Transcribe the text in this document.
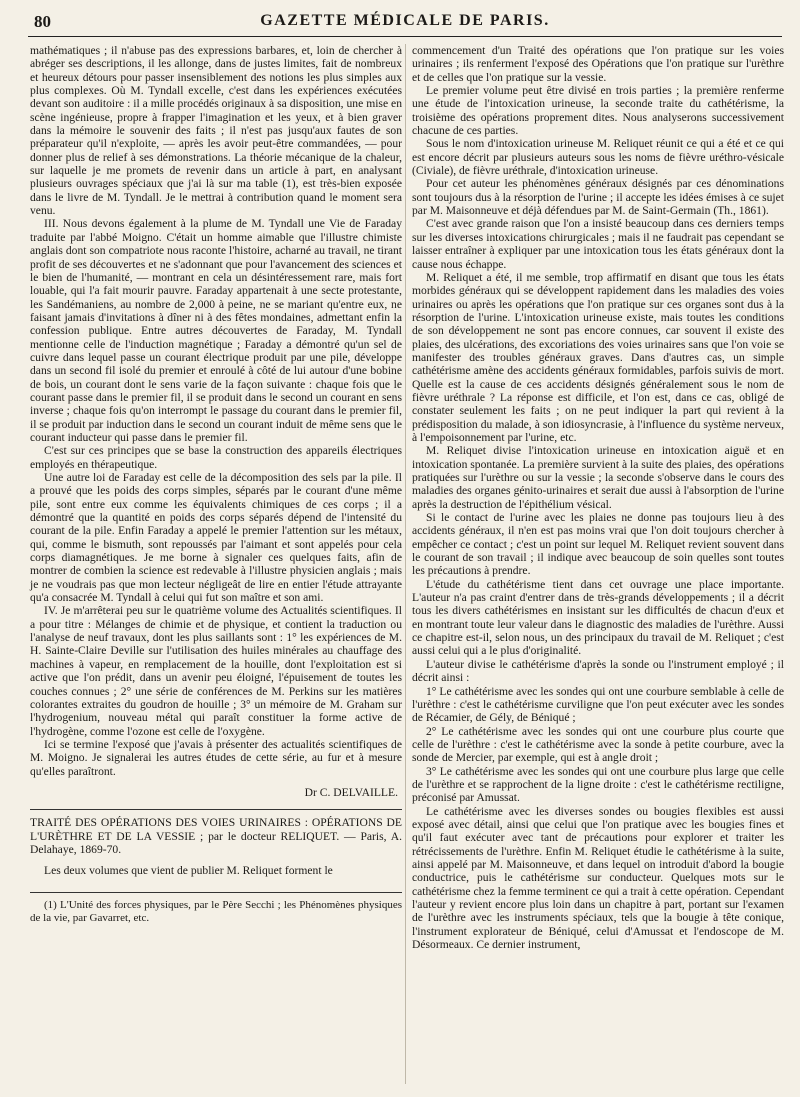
80	GAZETTE MÉDICALE DE PARIS.

mathématiques ; il n'abuse pas des expressions barbares, et, loin de chercher à abréger ses descriptions, il les allonge, dans de justes limites, fait de nombreux et heureux détours pour passer insensiblement des notions les plus simples aux plus complexes. Où M. Tyndall excelle, c'est dans les expériences exécutées devant son auditoire : il a mille procédés originaux à sa disposition, une mise en scène ingénieuse, propre à frapper l'imagination et les yeux, et à bien graver dans la mémoire le souvenir des faits ; il n'est pas jusqu'aux fautes de son préparateur qu'il n'exploite, — après les avoir peut-être commandées, — pour donner plus de relief à ses démonstrations. La théorie mécanique de la chaleur, sur laquelle je me promets de revenir dans un article à part, en analysant plusieurs ouvrages spéciaux que j'ai là sur ma table (1), est très-bien exposée dans le livre de M. Tyndall. Je le mettrai à contribution quand le moment sera venu.

III. Nous devons également à la plume de M. Tyndall une Vie de Faraday traduite par l'abbé Moigno. C'était un homme aimable que l'illustre chimiste anglais dont son compatriote nous raconte l'histoire, acharné au travail, ne tirant profit de ses découvertes et ne s'adonnant que pour l'avancement des sciences et le bien de l'humanité, — montrant en cela un désintéressement rare, mais fort louable, qui l'a fait mourir pauvre. Faraday appartenait à une secte protestante, les Sandémaniens, au nombre de 2,000 à peine, ne se mariant qu'entre eux, ne faisant jamais d'invitations à dîner ni à des fêtes mondaines, admettant enfin la confession publique. Entre autres découvertes de Faraday, M. Tyndall mentionne celle de l'induction magnétique ; Faraday a démontré qu'un sel de cuivre dans lequel passe un courant électrique produit par une pile, développe dans un second fil isolé du premier et enroulé à côté de lui autour d'une bobine de bois, un courant dont le sens varie de la façon suivante : chaque fois que le courant passe dans le premier fil, il se produit dans le second un courant en sens inverse ; chaque fois qu'on interrompt le passage du courant dans le premier fil, il se produit par induction dans le second un courant induit de même sens que le courant inducteur qui passe dans le premier fil.

C'est sur ces principes que se base la construction des appareils électriques employés en thérapeutique.

Une autre loi de Faraday est celle de la décomposition des sels par la pile. Il a prouvé que les poids des corps simples, séparés par le courant d'une même pile, sont entre eux comme les équivalents chimiques de ces corps ; il a démontré que la quantité en poids des corps séparés dépend de l'intensité du courant de la pile. Enfin Faraday a appelé le premier l'attention sur les métaux, qui, comme le bismuth, sont repoussés par l'aimant et sont appelés pour cela corps diamagnétiques. Je me borne à signaler ces quelques faits, afin de montrer de combien la science est redevable à l'illustre physicien anglais ; mais je ne voudrais pas que mon lecteur négligeât de lire en entier l'étude attrayante qu'a consacrée M. Tyndall à celui qui fut son maître et son ami.

IV. Je m'arrêterai peu sur le quatrième volume des Actualités scientifiques. Il a pour titre : Mélanges de chimie et de physique, et contient la traduction ou l'analyse de neuf travaux, dont les plus saillants sont : 1° les expériences de M. H. Sainte-Claire Deville sur l'utilisation des huiles minérales au chauffage des machines à vapeur, en remplacement de la houille, dont l'exploitation est si active que l'on prédit, dans un avenir peu éloigné, l'épuisement de toutes les couches connues ; 2° une série de conférences de M. Perkins sur les matières colorantes extraites du goudron de houille ; 3° un mémoire de M. Graham sur l'hydrogenium, nouveau métal qui paraît constituer la forme active de l'hydrogène, comme l'ozone est celle de l'oxygène.

Ici se termine l'exposé que j'avais à présenter des actualités scientifiques de M. Moigno. Je signalerai les autres études de cette série, au fur et à mesure qu'elles paraîtront.

Dr C. DELVAILLE.

TRAITÉ DES OPÉRATIONS DES VOIES URINAIRES : OPÉRATIONS DE L'URÈTHRE ET DE LA VESSIE ; par le docteur RELIQUET. — Paris, A. Delahaye, 1869-70.

Les deux volumes que vient de publier M. Reliquet forment le

(1) L'Unité des forces physiques, par le Père Secchi ; les Phénomènes physiques de la vie, par Gavarret, etc.

commencement d'un Traité des opérations que l'on pratique sur les voies urinaires ; ils renferment l'exposé des Opérations que l'on pratique sur l'urèthre et de celles que l'on pratique sur la vessie.

Le premier volume peut être divisé en trois parties ; la première renferme une étude de l'intoxication urineuse, la seconde traite du cathétérisme, la troisième des opérations proprement dites. Nous analyserons successivement chacune de ces parties.

Sous le nom d'intoxication urineuse M. Reliquet réunit ce qui a été et ce qui est encore décrit par plusieurs auteurs sous les noms de fièvre uréthro-vésicale (Civiale), de fièvre uréthrale, d'intoxication urineuse.

Pour cet auteur les phénomènes généraux désignés par ces dénominations sont toujours dus à la résorption de l'urine ; il accepte les idées émises à ce sujet par M. Maisonneuve et déjà défendues par M. de Saint-Germain (Th., 1861).

C'est avec grande raison que l'on a insisté beaucoup dans ces derniers temps sur les diverses intoxications chirurgicales ; mais il ne faudrait pas cependant se laisser entraîner à expliquer par une intoxication tous les états généraux dont la cause nous échappe.

M. Reliquet a été, il me semble, trop affirmatif en disant que tous les états morbides généraux qui se développent rapidement dans les maladies des voies urinaires ou après les opérations que l'on pratique sur ces organes sont dus à la résorption de l'urine. L'intoxication urineuse existe, mais toutes les conditions de son développement ne sont pas encore connues, car souvent il existe des plaies, des ulcérations, des excoriations des voies urinaires sans que l'on voie se manifester des troubles généraux graves. Dans d'autres cas, un simple cathétérisme amène des accidents généraux formidables, parfois suivis de mort. Quelle est la cause de ces accidents désignés généralement sous le nom de fièvre uréthrale ? La réponse est difficile, et l'on est, dans ce cas, obligé de constater seulement les faits ; on ne peut indiquer la part qui revient à la prédisposition du malade, à son idiosyncrasie, à l'influence du système nerveux, à l'empoisonnement par l'urine, etc.

M. Reliquet divise l'intoxication urineuse en intoxication aiguë et en intoxication spontanée. La première survient à la suite des plaies, des opérations pratiquées sur l'urèthre ou sur la vessie ; la seconde s'observe dans le cours des maladies des organes génito-urinaires et serait due aussi à l'absorption de l'urine après la destruction de l'épithélium vésical.

Si le contact de l'urine avec les plaies ne donne pas toujours lieu à des accidents généraux, il n'en est pas moins vrai que l'on doit toujours chercher à empêcher ce contact ; c'est un point sur lequel M. Reliquet revient souvent dans le courant de son travail ; il indique avec beaucoup de soin quelles sont toutes les précautions à prendre.

L'étude du cathétérisme tient dans cet ouvrage une place importante. L'auteur n'a pas craint d'entrer dans de très-grands développements ; il a décrit tous les divers cathétérismes en insistant sur les difficultés de chacun d'eux et en montrant toute leur valeur dans le diagnostic des maladies de l'urèthre. Aussi ce chapitre est-il, selon nous, un des principaux du travail de M. Reliquet ; c'est aussi celui qui a le plus d'originalité.

L'auteur divise le cathétérisme d'après la sonde ou l'instrument employé ; il décrit ainsi :

1° Le cathétérisme avec les sondes qui ont une courbure semblable à celle de l'urèthre : c'est le cathétérisme curviligne que l'on peut exécuter avec les sondes de Récamier, de Gély, de Béniqué ;

2° Le cathétérisme avec les sondes qui ont une courbure plus courte que celle de l'urèthre : c'est le cathétérisme avec la sonde à petite courbure, avec la sonde de Mercier, par exemple, qui est à angle droit ;

3° Le cathétérisme avec les sondes qui ont une courbure plus large que celle de l'urèthre et se rapprochent de la ligne droite : c'est le cathétérisme rectiligne, préconisé par Amussat.

Le cathétérisme avec les diverses sondes ou bougies flexibles est aussi exposé avec détail, ainsi que celui que l'on pratique avec les bougies fines et qu'il faut exécuter avec tant de précautions pour explorer et traiter les rétrécissements de l'urèthre. Enfin M. Reliquet étudie le cathétérisme à la suite, ainsi appelé par M. Maisonneuve, et dans lequel on introduit d'abord la bougie conductrice, puis le cathétérisme sur conducteur. Quelques mots sur le cathétérisme chez la femme terminent ce qui a trait à cette opération. Cependant l'auteur y revient encore plus loin dans un chapitre à part, portant sur l'examen de l'urèthre avec les instruments spéciaux, tels que la bougie à tête conique, l'instrument explorateur de Béniqué, celui d'Amussat et l'endoscope de M. Désormeaux. Ce dernier instrument,
